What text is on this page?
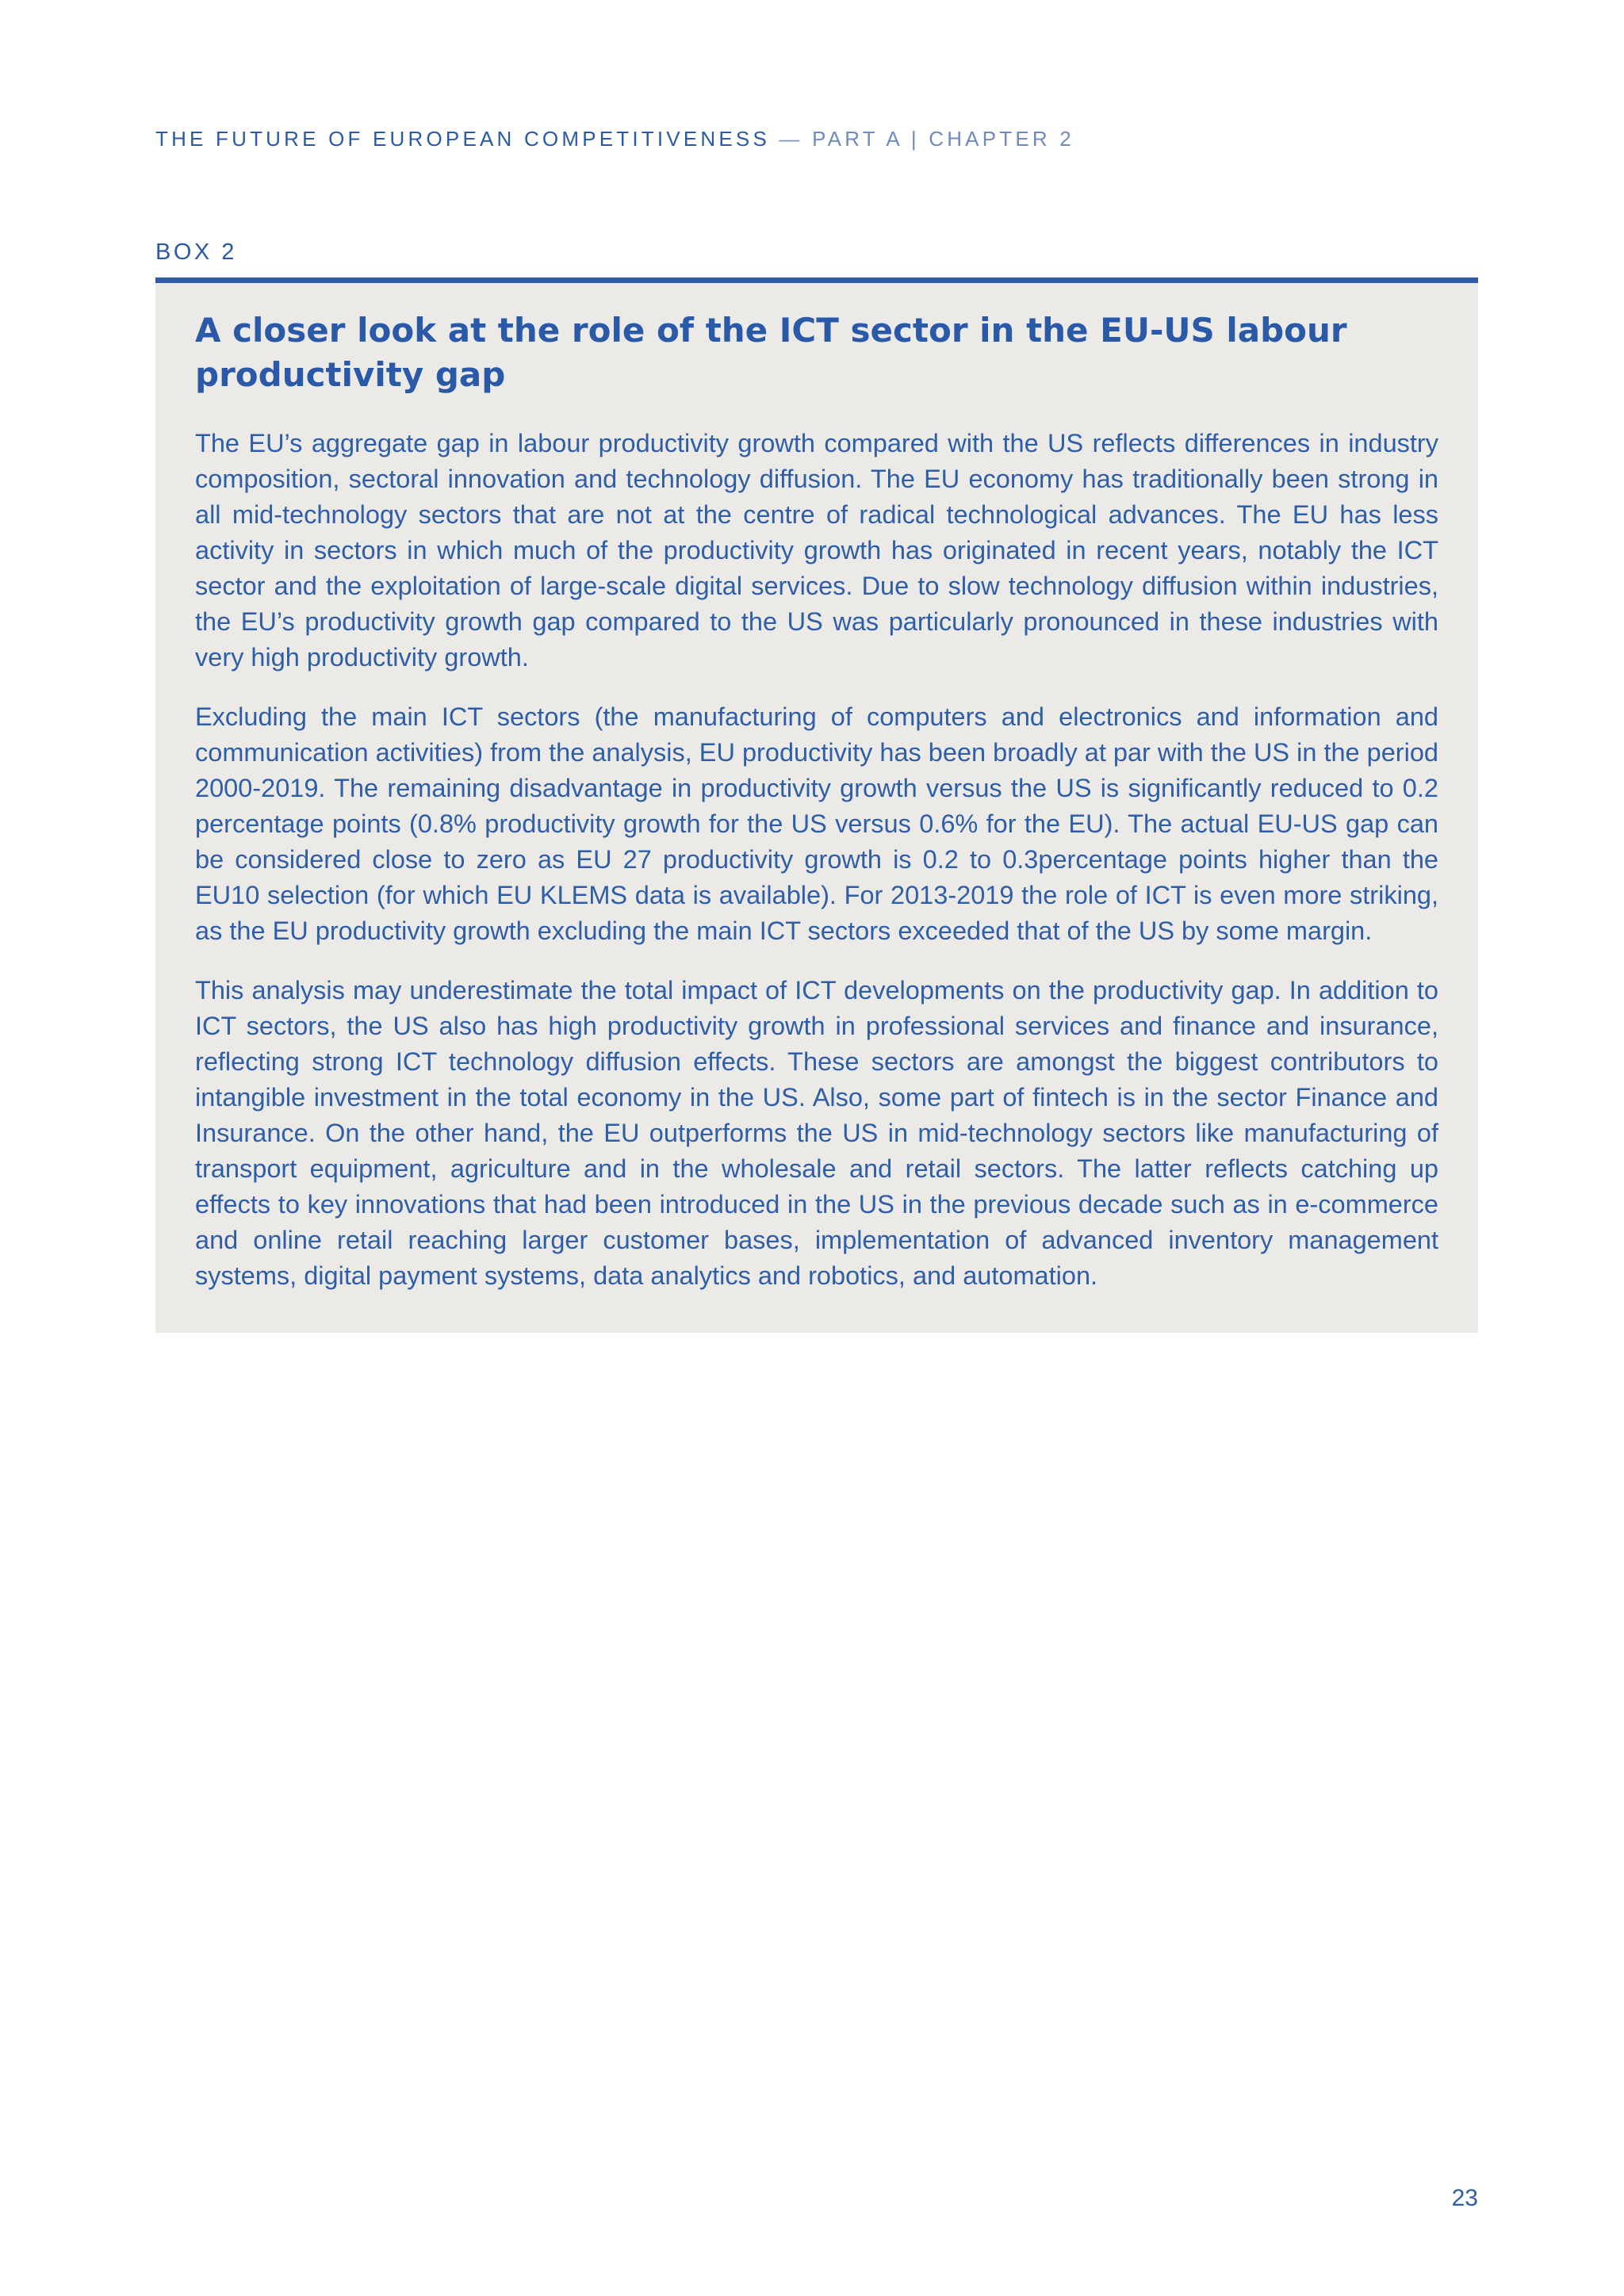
THE FUTURE OF EUROPEAN COMPETITIVENESS — PART A | CHAPTER 2
BOX 2
A closer look at the role of the ICT sector in the EU-US labour productivity gap

The EU’s aggregate gap in labour productivity growth compared with the US reflects differences in industry composition, sectoral innovation and technology diffusion. The EU economy has traditionally been strong in all mid-technology sectors that are not at the centre of radical technological advances. The EU has less activity in sectors in which much of the productivity growth has originated in recent years, notably the ICT sector and the exploitation of large-scale digital services. Due to slow technology diffusion within industries, the EU’s productivity growth gap compared to the US was particularly pronounced in these industries with very high productivity growth.

Excluding the main ICT sectors (the manufacturing of computers and electronics and information and communication activities) from the analysis, EU productivity has been broadly at par with the US in the period 2000-2019. The remaining disadvantage in productivity growth versus the US is significantly reduced to 0.2 percentage points (0.8% productivity growth for the US versus 0.6% for the EU). The actual EU-US gap can be considered close to zero as EU 27 productivity growth is 0.2 to 0.3percentage points higher than the EU10 selection (for which EU KLEMS data is available). For 2013-2019 the role of ICT is even more striking, as the EU productivity growth excluding the main ICT sectors exceeded that of the US by some margin.

This analysis may underestimate the total impact of ICT developments on the productivity gap. In addition to ICT sectors, the US also has high productivity growth in professional services and finance and insurance, reflecting strong ICT technology diffusion effects. These sectors are amongst the biggest contributors to intangible investment in the total economy in the US. Also, some part of fintech is in the sector Finance and Insurance. On the other hand, the EU outperforms the US in mid-technology sectors like manufacturing of transport equipment, agriculture and in the wholesale and retail sectors. The latter reflects catching up effects to key innovations that had been introduced in the US in the previous decade such as in e-commerce and online retail reaching larger customer bases, implementation of advanced inventory management systems, digital payment systems, data analytics and robotics, and automation.

23
